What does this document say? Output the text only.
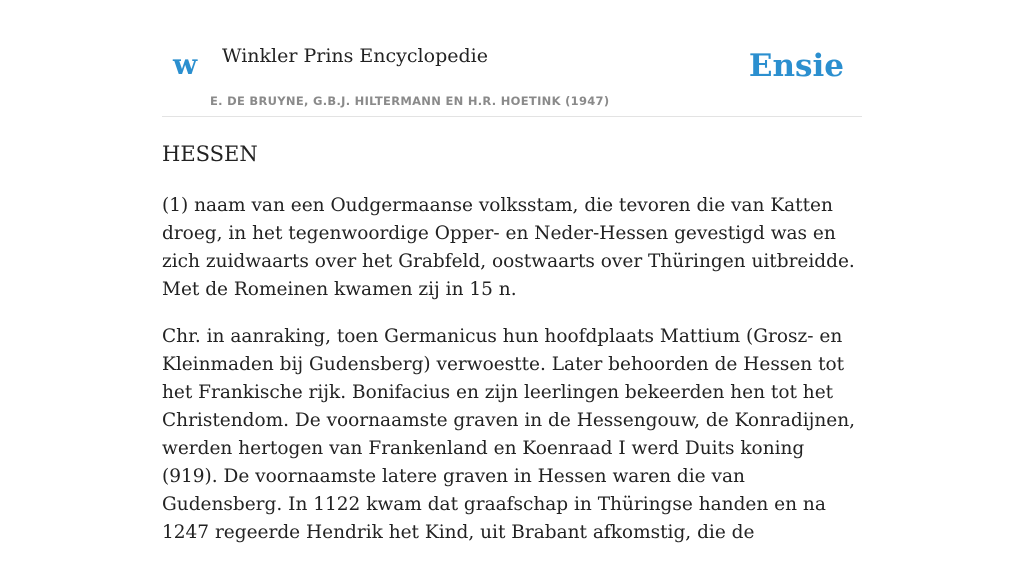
w Winkler Prins Encyclopedie
E. DE BRUYNE, G.B.J. HILTERMANN EN H.R. HOETINK (1947)
Ensie
HESSEN

(1) naam van een Oudgermaanse volksstam, die tevoren die van Katten droeg, in het tegenwoordige Opper- en Neder-Hessen gevestigd was en zich zuidwaarts over het Grabfeld, oostwaarts over Thüringen uitbreidde. Met de Romeinen kwamen zij in 15 n.

Chr. in aanraking, toen Germanicus hun hoofdplaats Mattium (Grosz- en Kleinmaden bij Gudensberg) verwoestte. Later behoorden de Hessen tot het Frankische rijk. Bonifacius en zijn leerlingen bekeerden hen tot het Christendom. De voornaamste graven in de Hessengouw, de Konradijnen, werden hertogen van Frankenland en Koenraad I werd Duits koning (919). De voornaamste latere graven in Hessen waren die van Gudensberg. In 1122 kwam dat graafschap in Thüringse handen en na 1247 regeerde Hendrik het Kind, uit Brabant afkomstig, die de
